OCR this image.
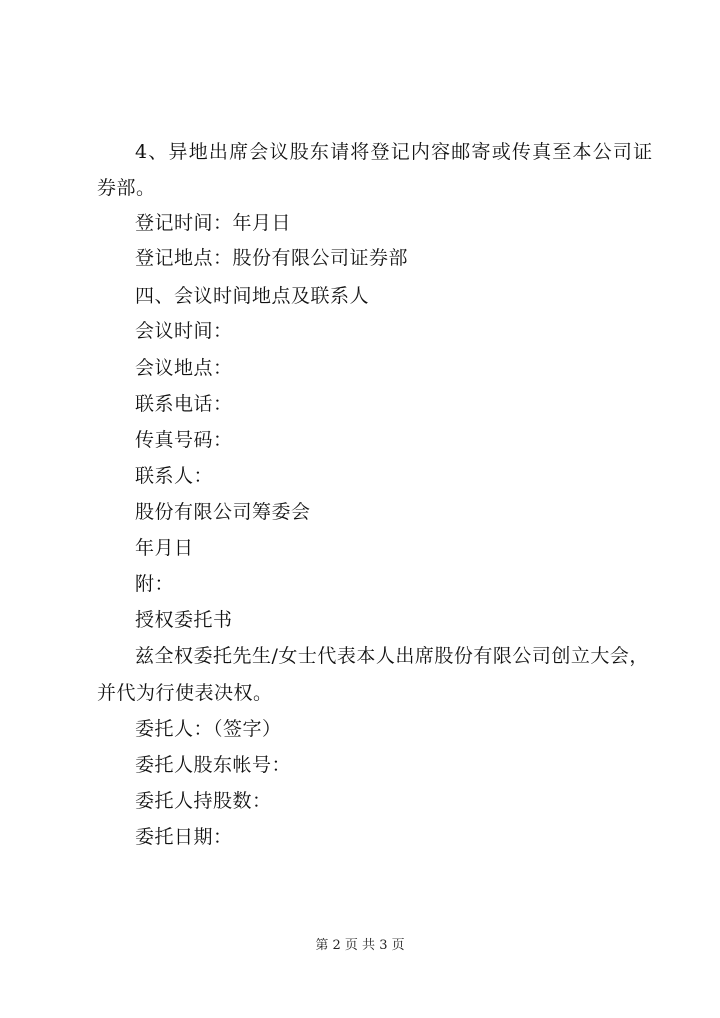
4、异地出席会议股东请将登记内容邮寄或传真至本公司证
券部。
登记时间：年月日
登记地点：股份有限公司证券部
四、会议时间地点及联系人
会议时间：
会议地点：
联系电话：
传真号码：
联系人：
股份有限公司筹委会
年月日
附：
授权委托书
兹全权委托先生/女士代表本人出席股份有限公司创立大会，
并代为行使表决权。
委托人：（签字）
委托人股东帐号：
委托人持股数：
委托日期：
第 2 页 共 3 页
